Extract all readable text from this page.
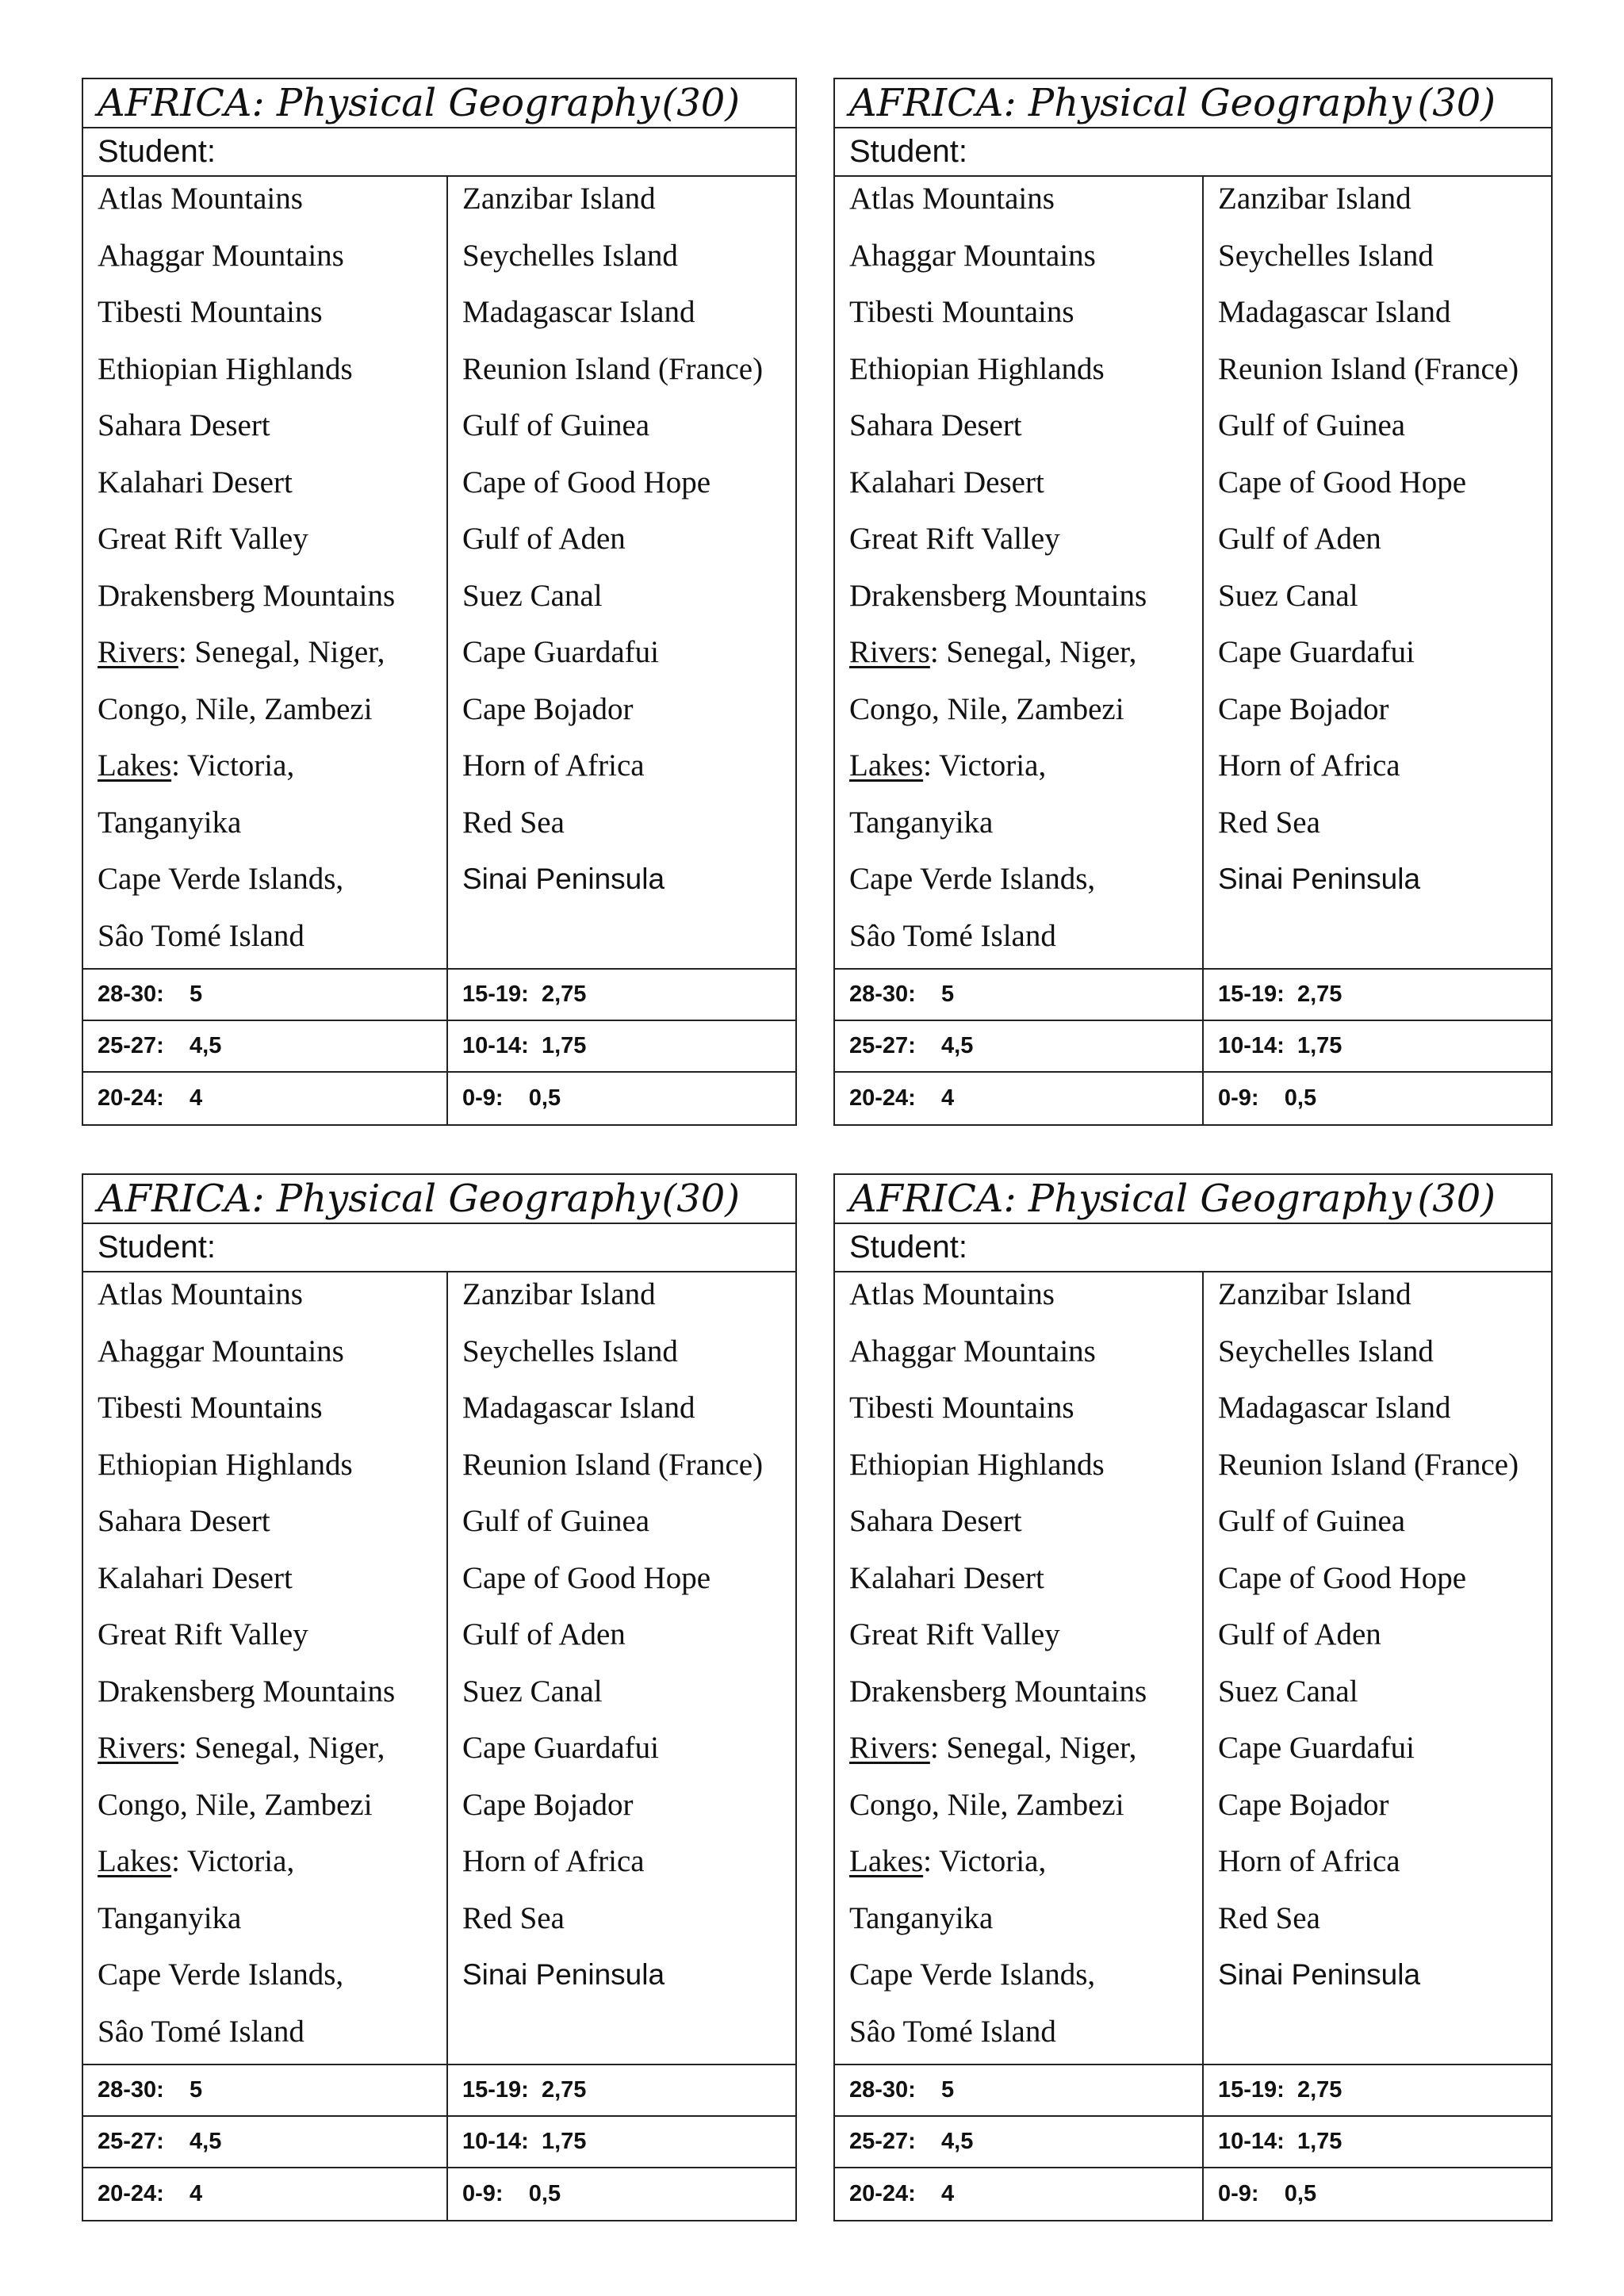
AFRICA: Physical Geography (30)
Student:
Atlas Mountains
Ahaggar Mountains
Tibesti Mountains
Ethiopian Highlands
Sahara Desert
Kalahari Desert
Great Rift Valley
Drakensberg Mountains
Rivers: Senegal, Niger,
Congo, Nile, Zambezi
Lakes: Victoria,
Tanganyika
Cape Verde Islands,
Sâo Tomé Island
Zanzibar Island
Seychelles Island
Madagascar Island
Reunion Island (France)
Gulf of Guinea
Cape of Good Hope
Gulf of Aden
Suez Canal
Cape Guardafui
Cape Bojador
Horn of Africa
Red Sea
Sinai Peninsula
28-30:    5	15-19:  2,75
25-27:    4,5	10-14:  1,75
20-24:    4	0-9:    0,5
AFRICA: Physical Geography (30)
Student:
Atlas Mountains
Ahaggar Mountains
Tibesti Mountains
Ethiopian Highlands
Sahara Desert
Kalahari Desert
Great Rift Valley
Drakensberg Mountains
Rivers: Senegal, Niger,
Congo, Nile, Zambezi
Lakes: Victoria,
Tanganyika
Cape Verde Islands,
Sâo Tomé Island
Zanzibar Island
Seychelles Island
Madagascar Island
Reunion Island (France)
Gulf of Guinea
Cape of Good Hope
Gulf of Aden
Suez Canal
Cape Guardafui
Cape Bojador
Horn of Africa
Red Sea
Sinai Peninsula
28-30:    5	15-19:  2,75
25-27:    4,5	10-14:  1,75
20-24:    4	0-9:    0,5
AFRICA: Physical Geography (30)
Student:
Atlas Mountains
Ahaggar Mountains
Tibesti Mountains
Ethiopian Highlands
Sahara Desert
Kalahari Desert
Great Rift Valley
Drakensberg Mountains
Rivers: Senegal, Niger,
Congo, Nile, Zambezi
Lakes: Victoria,
Tanganyika
Cape Verde Islands,
Sâo Tomé Island
Zanzibar Island
Seychelles Island
Madagascar Island
Reunion Island (France)
Gulf of Guinea
Cape of Good Hope
Gulf of Aden
Suez Canal
Cape Guardafui
Cape Bojador
Horn of Africa
Red Sea
Sinai Peninsula
28-30:    5	15-19:  2,75
25-27:    4,5	10-14:  1,75
20-24:    4	0-9:    0,5
AFRICA: Physical Geography (30)
Student:
Atlas Mountains
Ahaggar Mountains
Tibesti Mountains
Ethiopian Highlands
Sahara Desert
Kalahari Desert
Great Rift Valley
Drakensberg Mountains
Rivers: Senegal, Niger,
Congo, Nile, Zambezi
Lakes: Victoria,
Tanganyika
Cape Verde Islands,
Sâo Tomé Island
Zanzibar Island
Seychelles Island
Madagascar Island
Reunion Island (France)
Gulf of Guinea
Cape of Good Hope
Gulf of Aden
Suez Canal
Cape Guardafui
Cape Bojador
Horn of Africa
Red Sea
Sinai Peninsula
28-30:    5	15-19:  2,75
25-27:    4,5	10-14:  1,75
20-24:    4	0-9:    0,5
